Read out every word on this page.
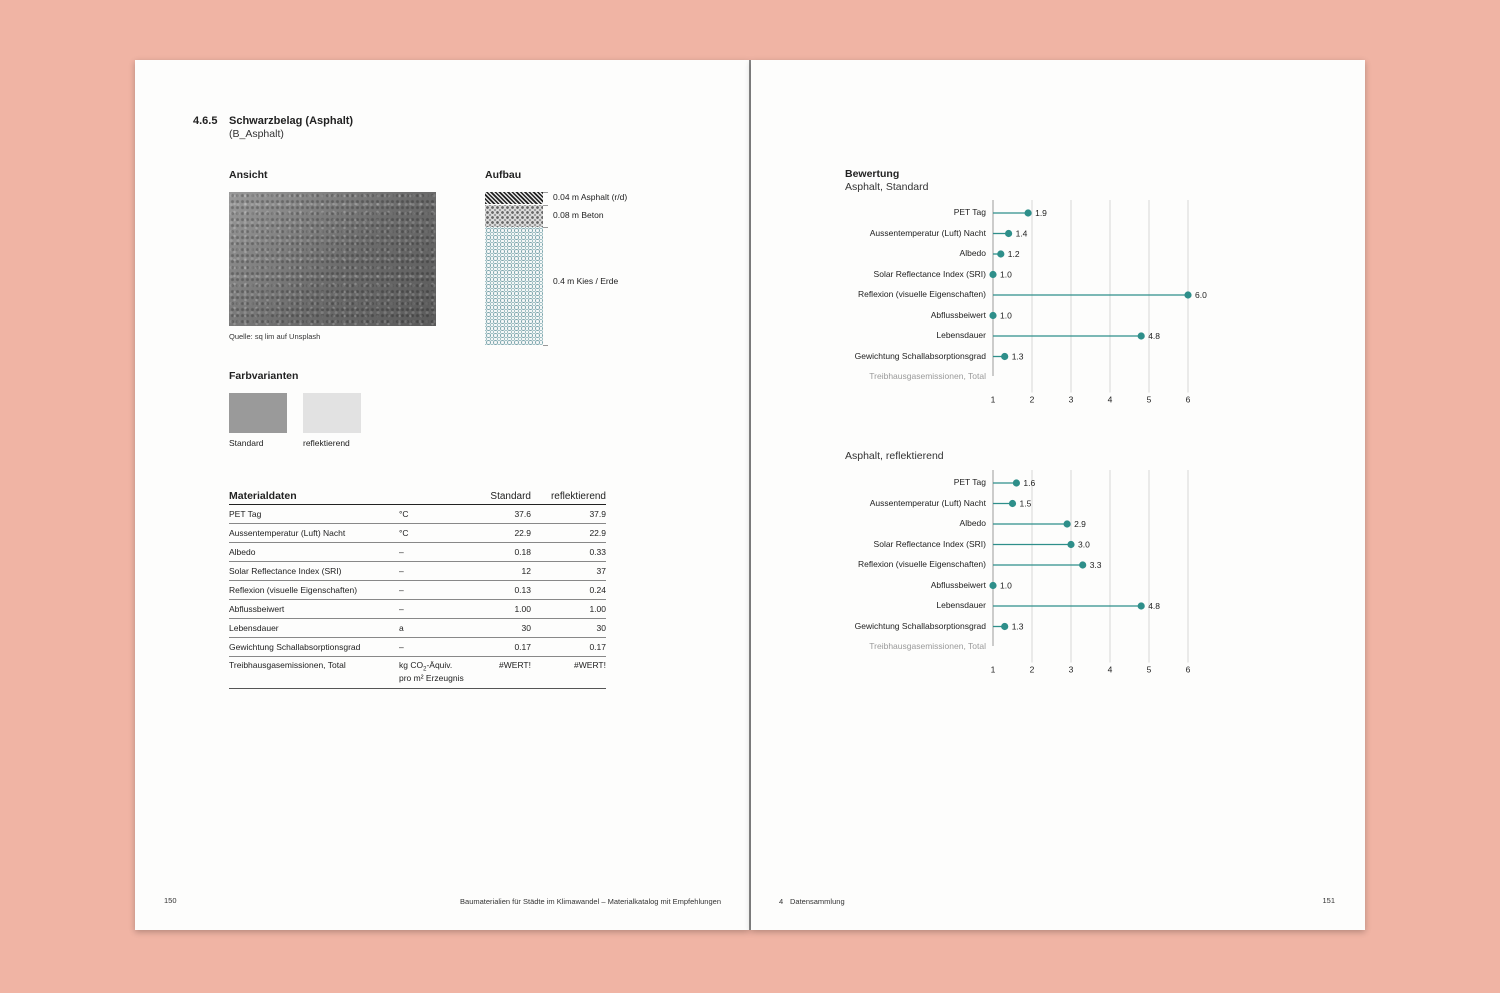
4.6.5 Schwarzbelag (Asphalt)
(B_Asphalt)
Ansicht
Quelle: sq lim auf Unsplash
Aufbau
0.04 m Asphalt (r/d)
0.08 m Beton
0.4 m Kies / Erde
Farbvarianten
Standard	reflektierend
Materialdaten		Standard	reflektierend
PET Tag	°C	37.6	37.9
Aussentemperatur (Luft) Nacht	°C	22.9	22.9
Albedo	–	0.18	0.33
Solar Reflectance Index (SRI)	–	12	37
Reflexion (visuelle Eigenschaften)	–	0.13	0.24
Abflussbeiwert	–	1.00	1.00
Lebensdauer	a	30	30
Gewichtung Schallabsorptionsgrad	–	0.17	0.17
Treibhausgasemissionen, Total	kg $CO_2$-Äquiv.
pro m² Erzeugnis	#WERT!	#WERT!
150	Baumaterialien für Städte im Klimawandel – Materialkatalog mit Empfehlungen
Bewertung
Asphalt, Standard
PET Tag
Aussentemperatur (Luft) Nacht
Albedo
Solar Reflectance Index (SRI)
Reflexion (visuelle Eigenschaften)
Abflussbeiwert
Lebensdauer
Gewichtung Schallabsorptionsgrad
Treibhausgasemissionen, Total
1.9
1.4
1.2
1.0
6.0
1.0
4.8
1.3
1	2	3	4	5	6
Asphalt, reflektierend
PET Tag
Aussentemperatur (Luft) Nacht
Albedo
Solar Reflectance Index (SRI)
Reflexion (visuelle Eigenschaften)
Abflussbeiwert
Lebensdauer
Gewichtung Schallabsorptionsgrad
Treibhausgasemissionen, Total
1.6
1.5
2.9
3.0
3.3
1.0
4.8
1.3
1	2	3	4	5	6
4 Datensammlung	151
